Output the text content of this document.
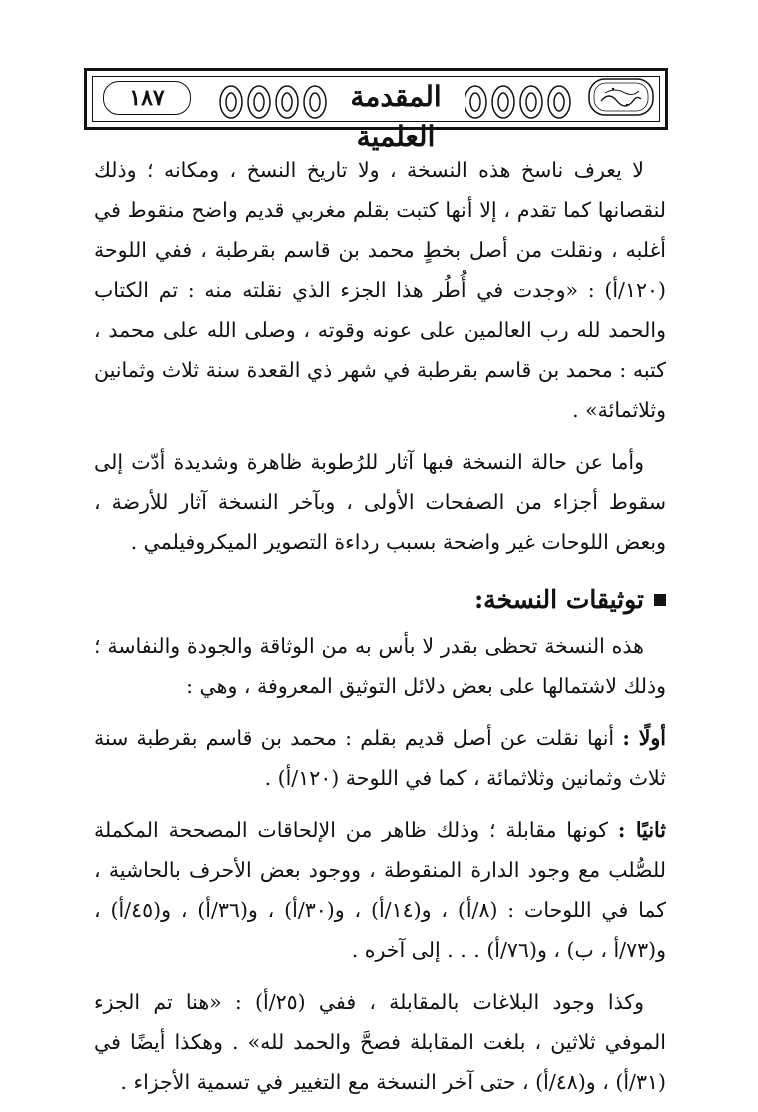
١٨٧	المقدمة العلمية

لا يعرف ناسخ هذه النسخة ، ولا تاريخ النسخ ، ومكانه ؛ وذلك لنقصانها كما تقدم ، إلا أنها كتبت بقلم مغربي قديم واضح منقوط في أغلبه ، ونقلت من أصل بخطٍ محمد بن قاسم بقرطبة ، ففي اللوحة (١٢٠/أ) : «وجدت في أُطُر هذا الجزء الذي نقلته منه : تم الكتاب والحمد لله رب العالمين على عونه وقوته ، وصلى الله على محمد ، كتبه : محمد بن قاسم بقرطبة في شهر ذي القعدة سنة ثلاث وثمانين وثلاثمائة» .

وأما عن حالة النسخة فبها آثار للرُطوبة ظاهرة وشديدة أدّت إلى سقوط أجزاء من الصفحات الأولى ، وبآخر النسخة آثار للأرضة ، وبعض اللوحات غير واضحة بسبب رداءة التصوير الميكروفيلمي .

توثيقات النسخة:

هذه النسخة تحظى بقدر لا بأس به من الوثاقة والجودة والنفاسة ؛ وذلك لاشتمالها على بعض دلائل التوثيق المعروفة ، وهي :

أولًا : أنها نقلت عن أصل قديم بقلم : محمد بن قاسم بقرطبة سنة ثلاث وثمانين وثلاثمائة ، كما في اللوحة (١٢٠/أ) .

ثانيًا : كونها مقابلة ؛ وذلك ظاهر من الإلحاقات المصححة المكملة للصُّلب مع وجود الدارة المنقوطة ، ووجود بعض الأحرف بالحاشية ، كما في اللوحات : (٨/أ) ، و(١٤/أ) ، و(٣٠/أ) ، و(٣٦/أ) ، و(٤٥/أ) ، و(٧٣/أ ، ب) ، و(٧٦/أ) . . . إلى آخره .

وكذا وجود البلاغات بالمقابلة ، ففي (٢٥/أ) : «هنا تم الجزء الموفي ثلاثين ، بلغت المقابلة فصحَّ والحمد لله» . وهكذا أيضًا في (٣١/أ) ، و(٤٨/أ) ، حتى آخر النسخة مع التغيير في تسمية الأجزاء .
